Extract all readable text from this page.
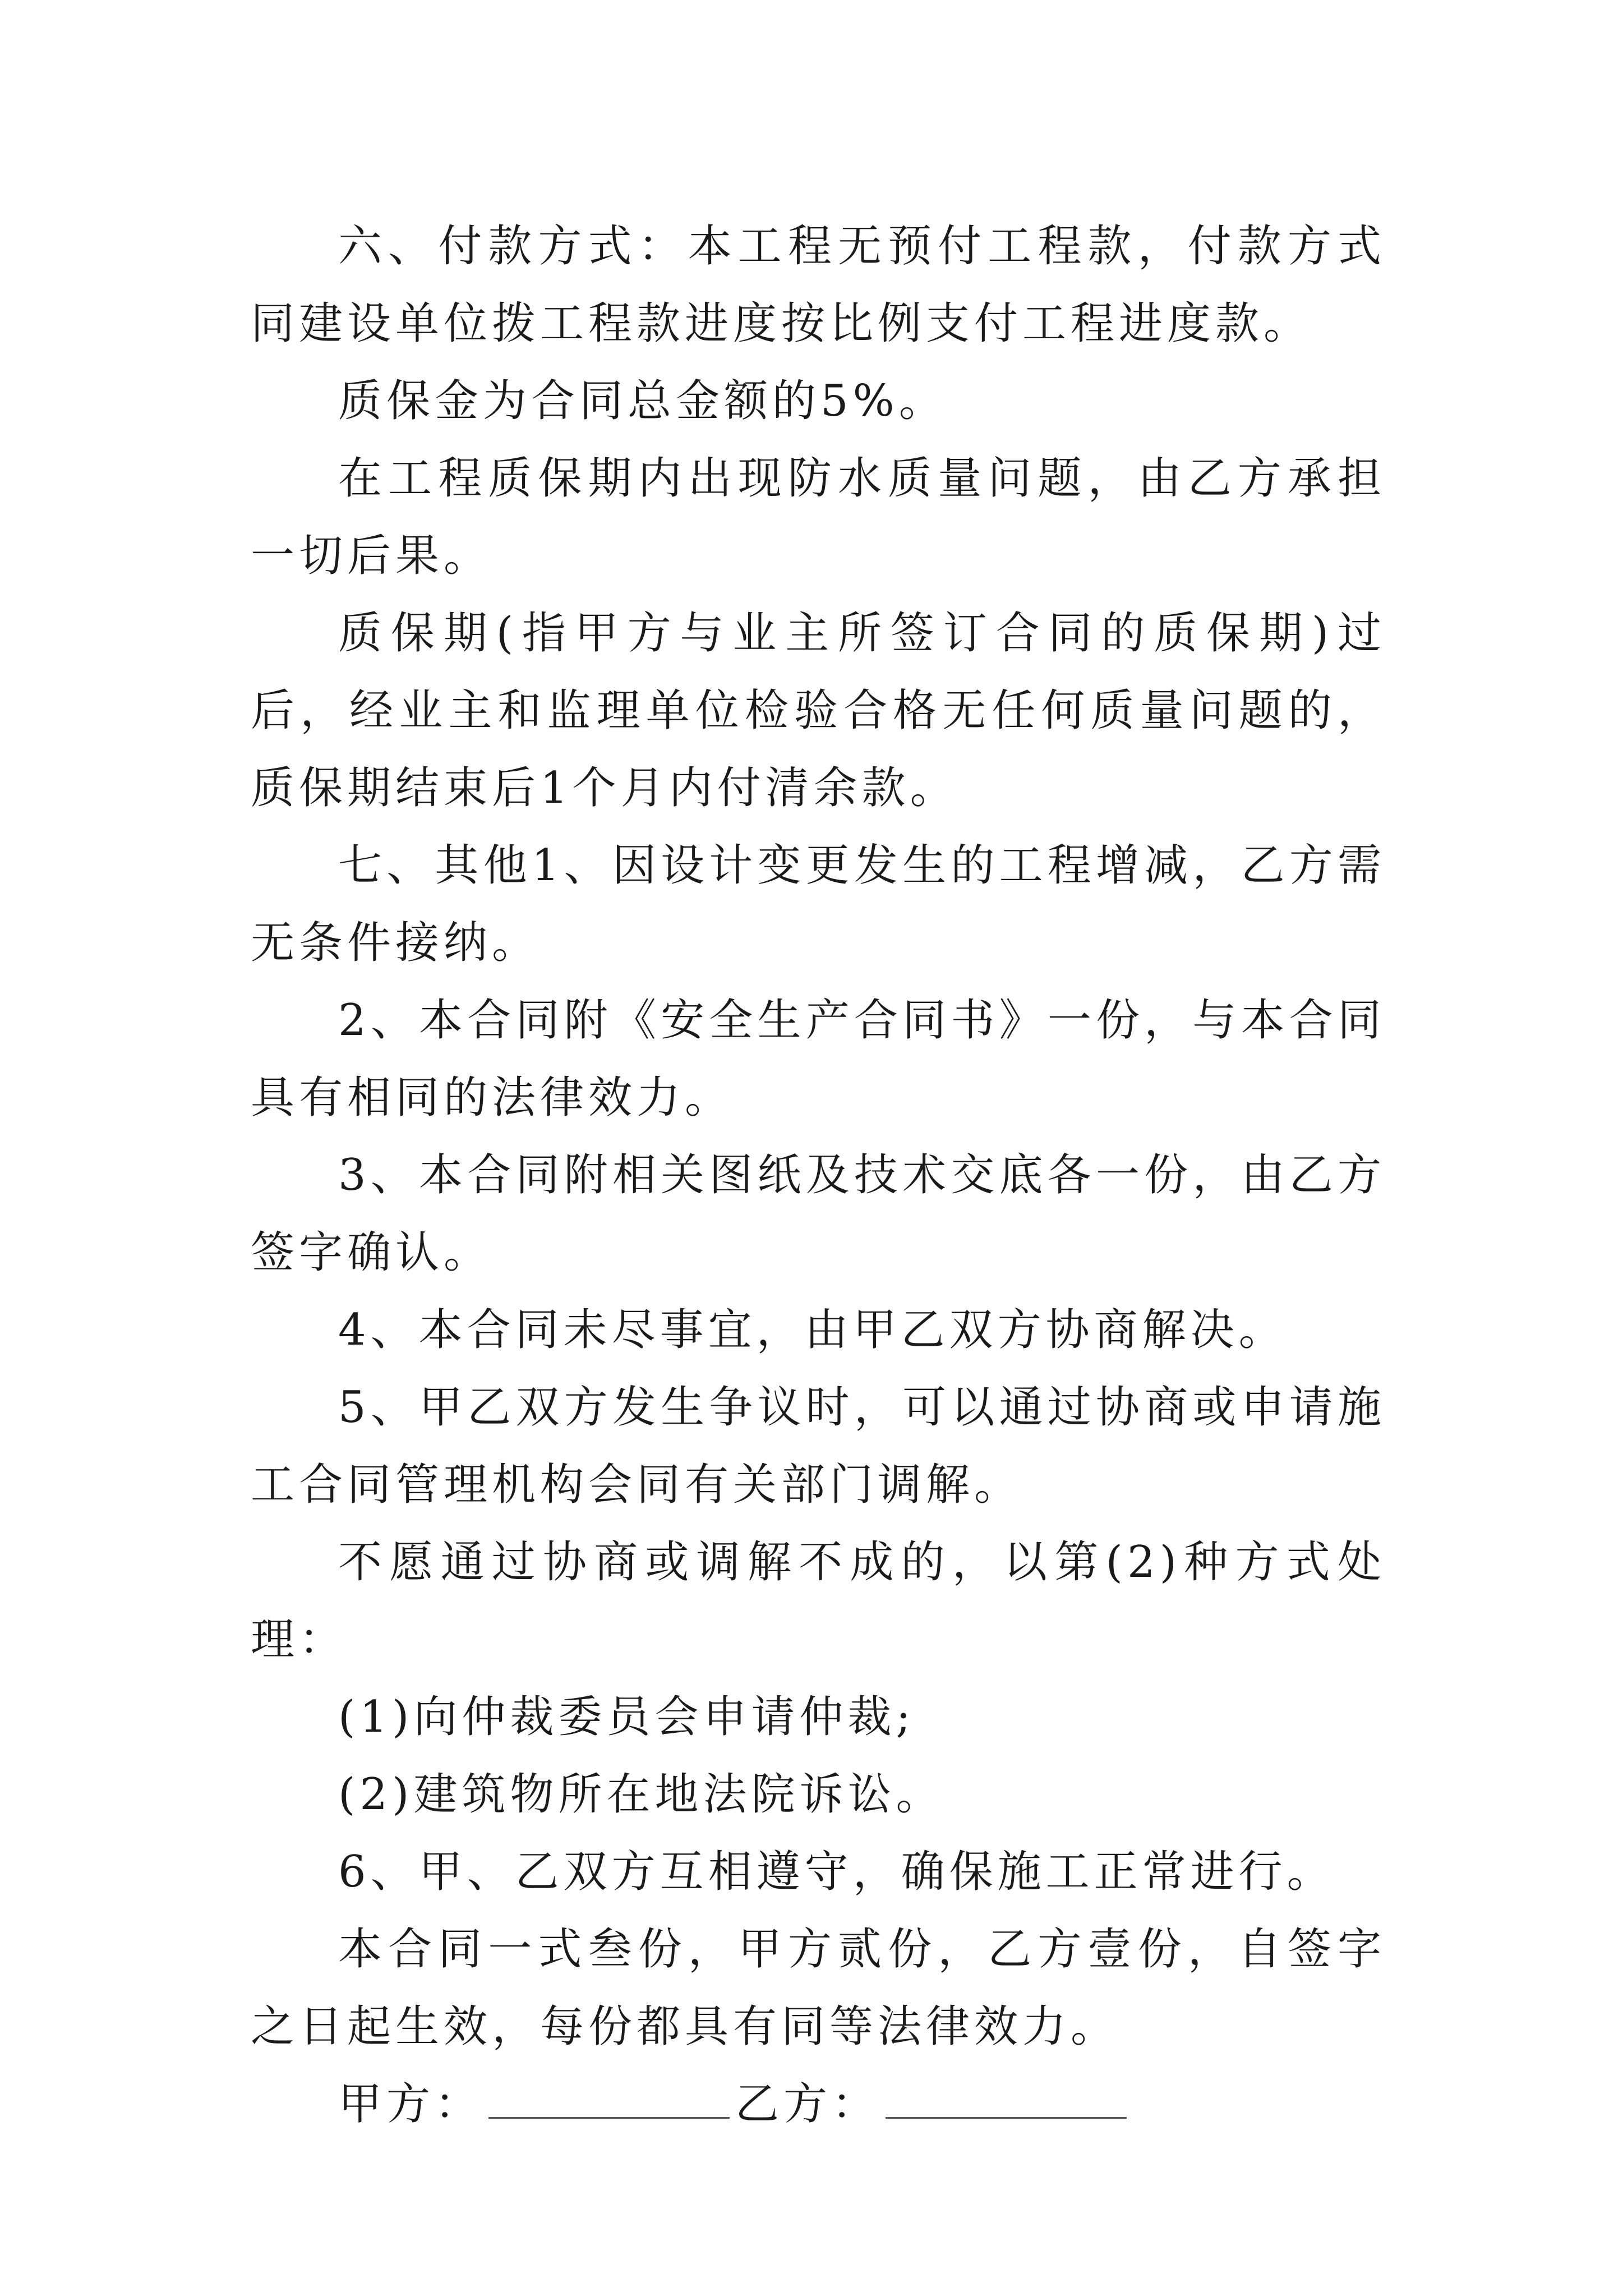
六、付款方式：本工程无预付工程款，付款方式同建设单位拨工程款进度按比例支付工程进度款。

质保金为合同总金额的5%。

在工程质保期内出现防水质量问题，由乙方承担一切后果。

质保期(指甲方与业主所签订合同的质保期)过后，经业主和监理单位检验合格无任何质量问题的，质保期结束后1个月内付清余款。

七、其他1、因设计变更发生的工程增减，乙方需无条件接纳。

2、本合同附《安全生产合同书》一份，与本合同具有相同的法律效力。

3、本合同附相关图纸及技术交底各一份，由乙方签字确认。

4、本合同未尽事宜，由甲乙双方协商解决。

5、甲乙双方发生争议时，可以通过协商或申请施工合同管理机构会同有关部门调解。

不愿通过协商或调解不成的，以第(2)种方式处理：

(1)向仲裁委员会申请仲裁;

(2)建筑物所在地法院诉讼。

6、甲、乙双方互相遵守，确保施工正常进行。

本合同一式叁份，甲方贰份，乙方壹份，自签字之日起生效，每份都具有同等法律效力。

甲方：	乙方：
